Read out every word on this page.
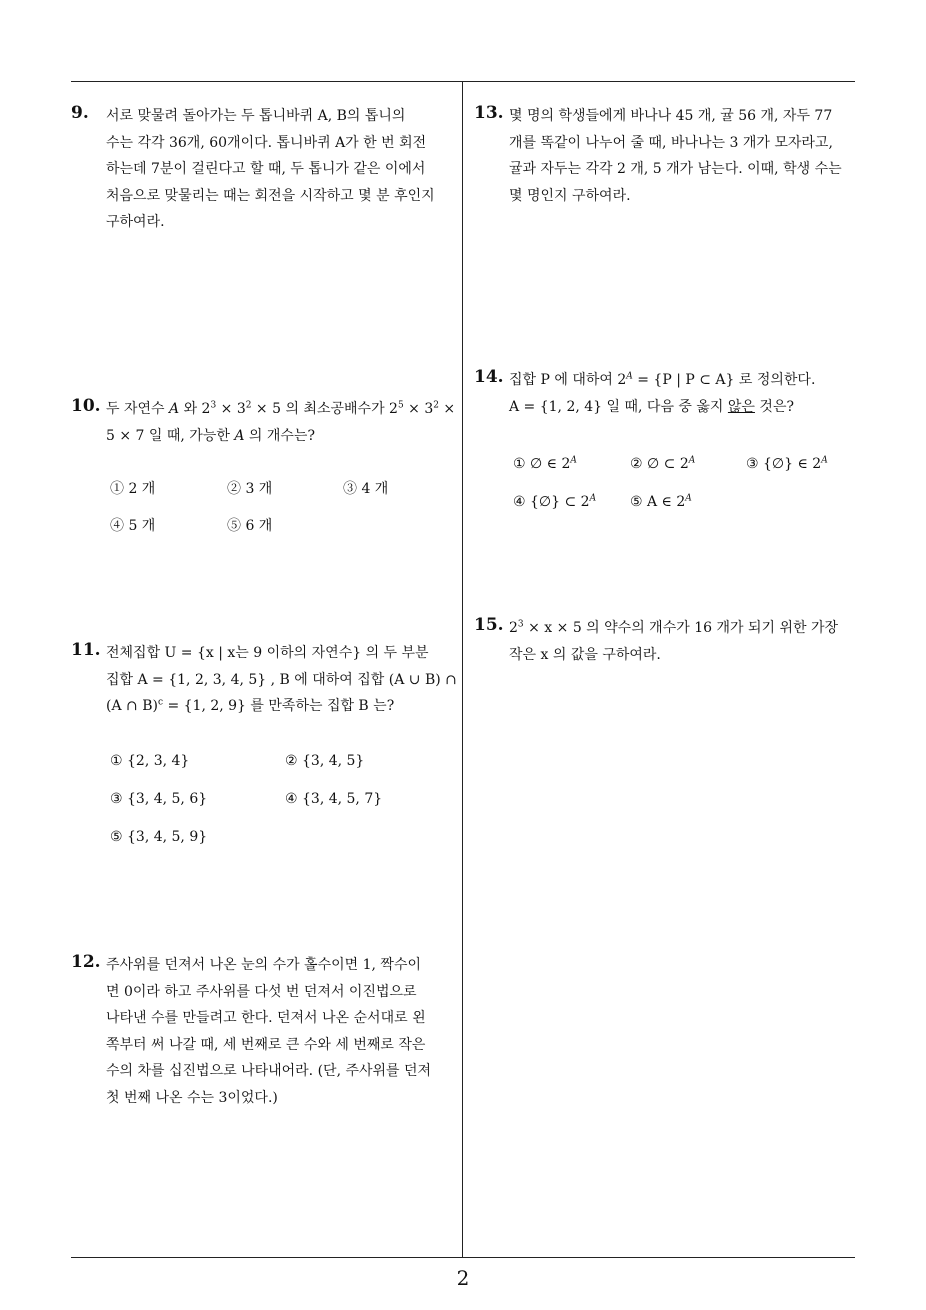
9. 서로 맞물려 돌아가는 두 톱니바퀴 A, B의 톱니의
수는 각각 36개, 60개이다. 톱니바퀴 A가 한 번 회전
하는데 7분이 걸린다고 할 때, 두 톱니가 같은 이에서
처음으로 맞물리는 때는 회전을 시작하고 몇 분 후인지
구하여라.
10. 두 자연수 A 와 $2^3 \times 3^2 \times 5$ 의 최소공배수가 $2^5 \times 3^2$ ×
5 × 7 일 때, 가능한 A 의 개수는?
① 2 개	② 3 개	③ 4 개
④ 5 개	⑤ 6 개
11. 전체집합 U = {x | x는 9 이하의 자연수} 의 두 부분
집합 A = {1, 2, 3, 4, 5} , B 에 대하여 집합 (A ∪ B) ∩
(A ∩ B)$^c$ = {1, 2, 9} 를 만족하는 집합 B 는?
① {2, 3, 4}	② {3, 4, 5}
③ {3, 4, 5, 6}	④ {3, 4, 5, 7}
⑤ {3, 4, 5, 9}
12. 주사위를 던져서 나온 눈의 수가 홀수이면 1, 짝수이
면 0이라 하고 주사위를 다섯 번 던져서 이진법으로
나타낸 수를 만들려고 한다. 던져서 나온 순서대로 왼
쪽부터 써 나갈 때, 세 번째로 큰 수와 세 번째로 작은
수의 차를 십진법으로 나타내어라. (단, 주사위를 던져
첫 번째 나온 수는 3이었다.)
13. 몇 명의 학생들에게 바나나 45 개, 귤 56 개, 자두 77
개를 똑같이 나누어 줄 때, 바나나는 3 개가 모자라고,
귤과 자두는 각각 2 개, 5 개가 남는다. 이때, 학생 수는
몇 명인지 구하여라.
14. 집합 P 에 대하여 $2^A = \{P$ | P ⊂ A} 로 정의한다.
A = {1, 2, 4} 일 때, 다음 중 옳지 않은 것은?
① ∅ ∈ $2^A$	② ∅ ⊂ $2^A$	③ {∅} ∈ $2^A$
④ {∅} ⊂ $2^A$ ⑤ A ∈ $2^A$
15. $2^3 \times x \times 5$ 의 약수의 개수가 16 개가 되기 위한 가장
작은 x 의 값을 구하여라.
2
